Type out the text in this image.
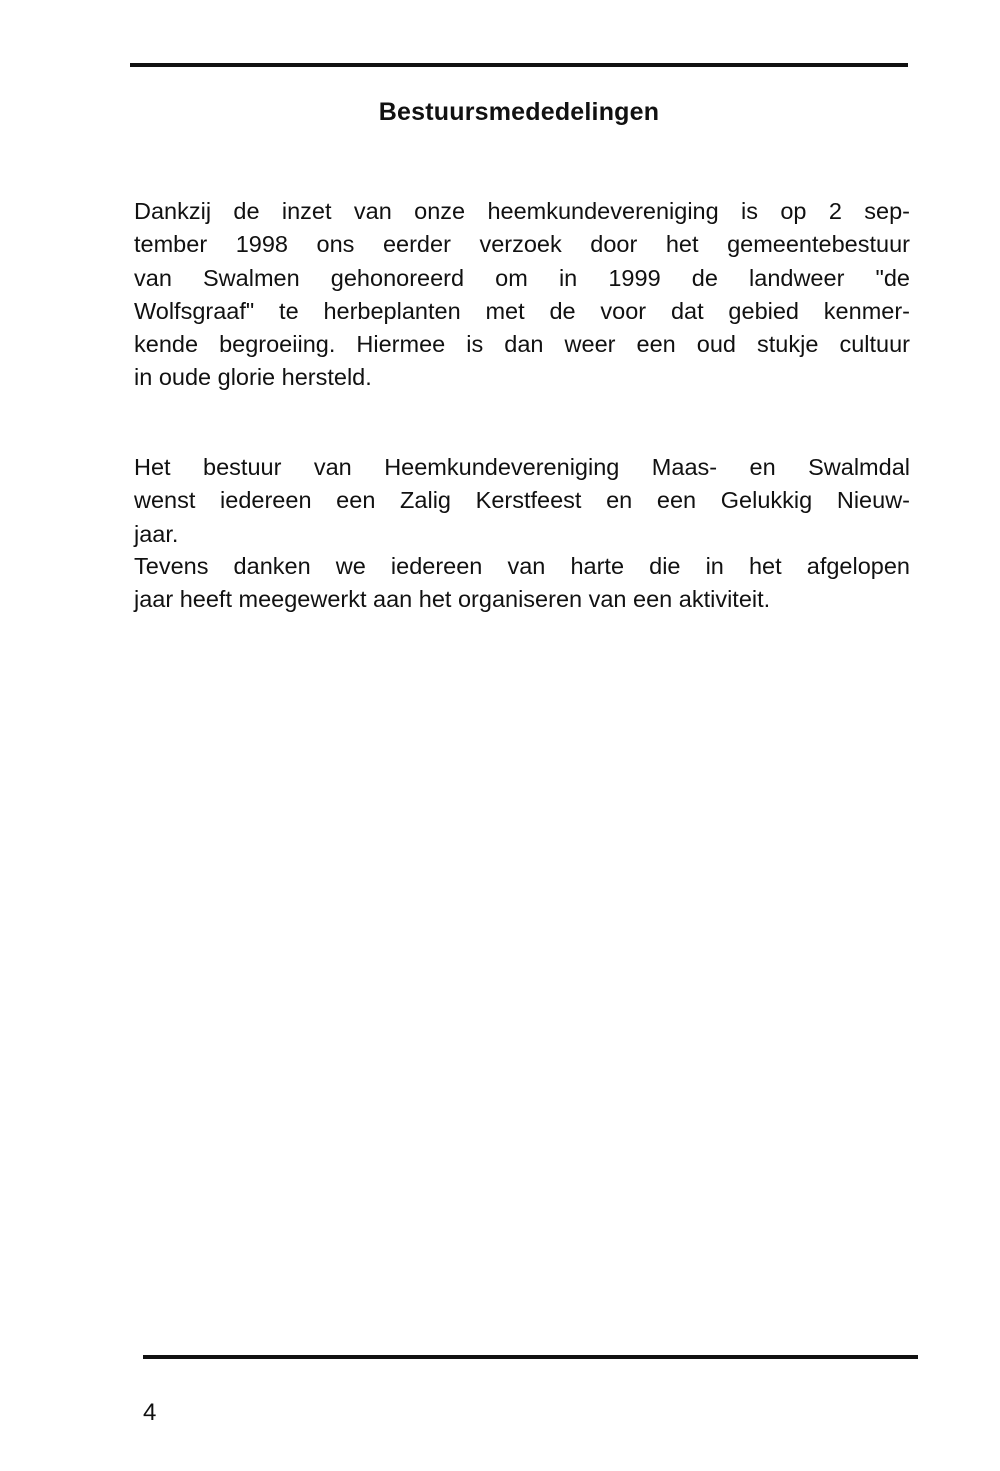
Bestuursmededelingen
Dankzij de inzet van onze heemkundevereniging is op 2 sep-
tember 1998 ons eerder verzoek door het gemeentebestuur
van Swalmen gehonoreerd om in 1999 de landweer "de
Wolfsgraaf" te herbeplanten met de voor dat gebied kenmer-
kende begroeiing. Hiermee is dan weer een oud stukje cultuur
in oude glorie hersteld.
Het bestuur van Heemkundevereniging Maas- en Swalmdal
wenst iedereen een Zalig Kerstfeest en een Gelukkig Nieuw-
jaar.
Tevens danken we iedereen van harte die in het afgelopen
jaar heeft meegewerkt aan het organiseren van een aktiviteit.

4
